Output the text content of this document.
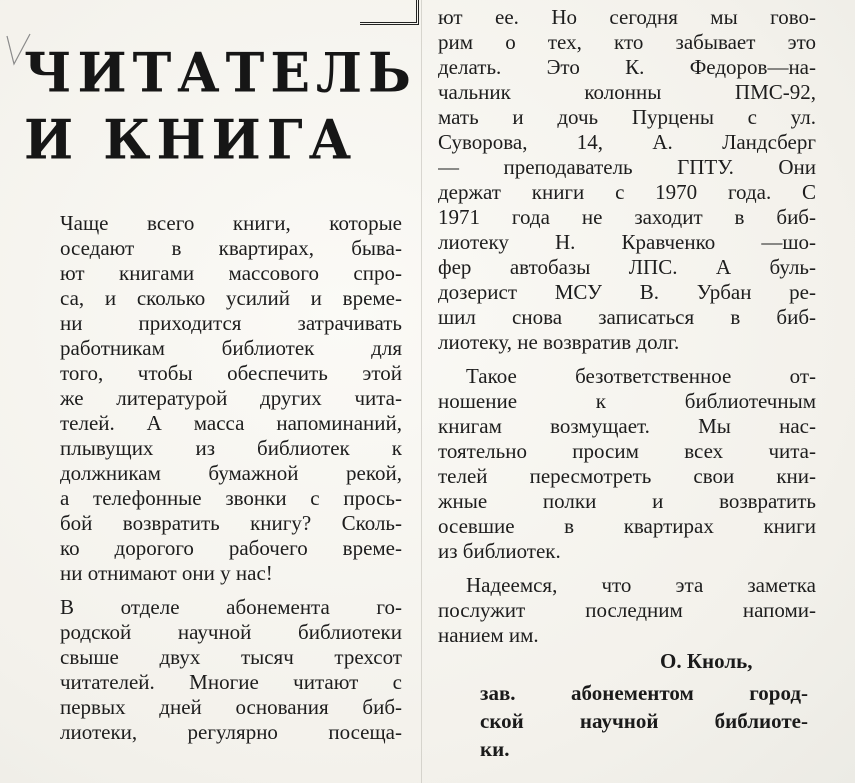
ЧИТАТЕЛЬ
И КНИГА
Чаще всего книги, которые
оседают в квартирах, быва-
ют книгами массового спро-
са, и сколько усилий и време-
ни приходится затрачивать
работникам библиотек для
того, чтобы обеспечить этой
же литературой других чита-
телей. А масса напоминаний,
плывущих из библиотек к
должникам бумажной рекой,
а телефонные звонки с прось-
бой возвратить книгу? Сколь-
ко дорогого рабочего време-
ни отнимают они у нас!
В отделе абонемента го-
родской научной библиотеки
свыше двух тысяч трехсот
читателей. Многие читают с
первых дней основания биб-
лиотеки, регулярно посеща-
ют ее. Но сегодня мы гово-
рим о тех, кто забывает это
делать. Это К. Федоров—на-
чальник колонны ПМС-92,
мать и дочь Пурцены с ул.
Суворова, 14, А. Ландсберг
— преподаватель ГПТУ. Они
держат книги с 1970 года. С
1971 года не заходит в биб-
лиотеку Н. Кравченко —шо-
фер автобазы ЛПС. А буль-
дозерист МСУ В. Урбан ре-
шил снова записаться в биб-
лиотеку, не возвратив долг.
Такое безответственное от-
ношение к библиотечным
книгам возмущает. Мы нас-
тоятельно просим всех чита-
телей пересмотреть свои кни-
жные полки и возвратить
осевшие в квартирах книги
из библиотек.
Надеемся, что эта заметка
послужит последним напоми-
нанием им.
О. Кноль,
зав. абонементом город-
ской научной библиоте-
ки.
